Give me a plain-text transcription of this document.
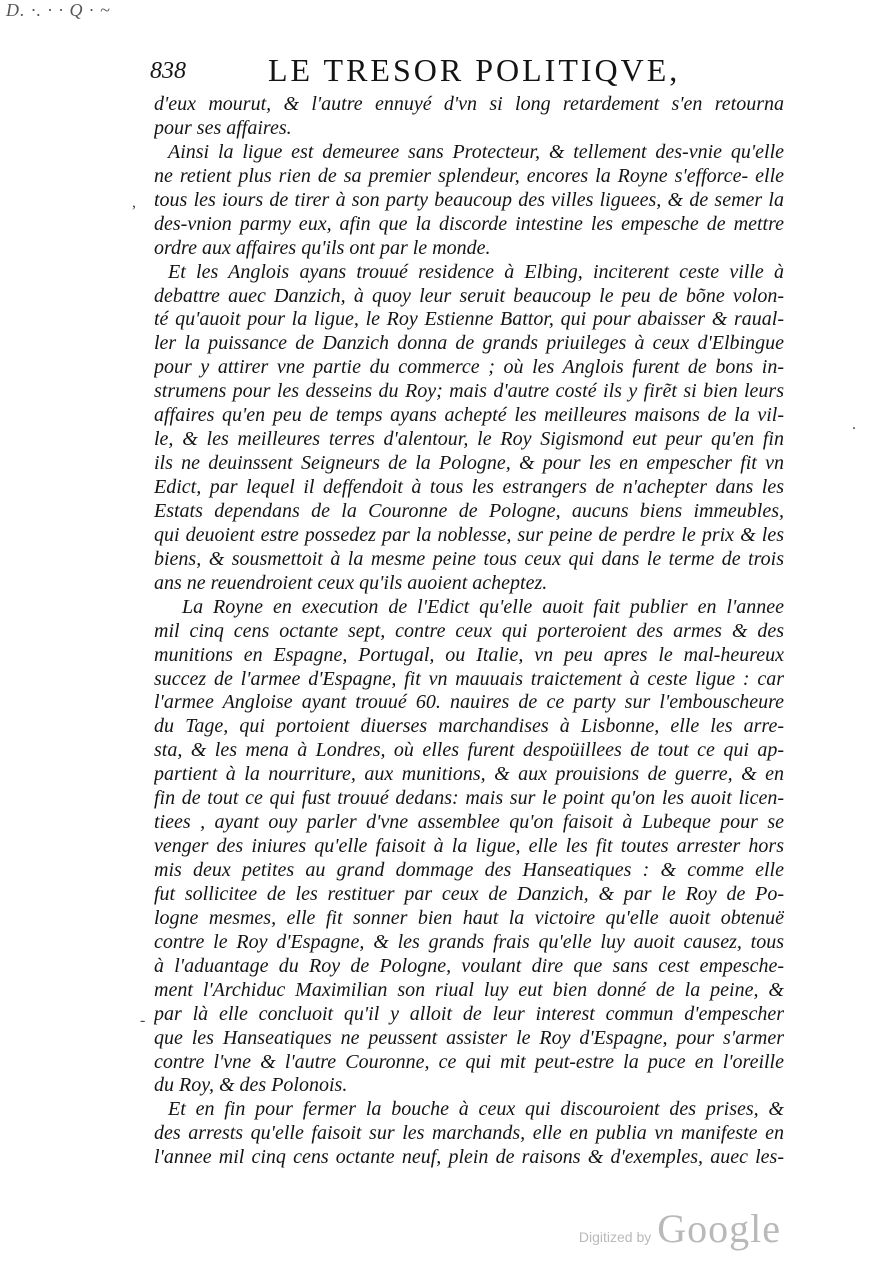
D. ·. · · Q · ~
838	LE TRESOR POLITIQVE,
d'eux mourut, & l'autre ennuyé d'vn si long retardement s'en retourna
pour ses affaires.
Ainsi la ligue est demeuree sans Protecteur, & tellement des-vnie qu'elle
ne retient plus rien de sa premier splendeur, encores la Royne s'efforce- elle
tous les iours de tirer à son party beaucoup des villes liguees, & de semer la
des-vnion parmy eux, afin que la discorde intestine les empesche de mettre
ordre aux affaires qu'ils ont par le monde.
Et les Anglois ayans trouué residence à Elbing, inciterent ceste ville à
debattre auec Danzich, à quoy leur seruit beaucoup le peu de bõne volon-
té qu'auoit pour la ligue, le Roy Estienne Battor, qui pour abaisser & raual-
ler la puissance de Danzich donna de grands priuileges à ceux d'Elbingue
pour y attirer vne partie du commerce ; où les Anglois furent de bons in-
strumens pour les desseins du Roy; mais d'autre costé ils y firẽt si bien leurs
affaires qu'en peu de temps ayans achepté les meilleures maisons de la vil-
le, & les meilleures terres d'alentour, le Roy Sigismond eut peur qu'en fin
ils ne deuinssent Seigneurs de la Pologne, & pour les en empescher fit vn
Edict, par lequel il deffendoit à tous les estrangers de n'achepter dans les
Estats dependans de la Couronne de Pologne, aucuns biens immeubles,
qui deuoient estre possedez par la noblesse, sur peine de perdre le prix & les
biens, & sousmettoit à la mesme peine tous ceux qui dans le terme de trois
ans ne reuendroient ceux qu'ils auoient acheptez.
La Royne en execution de l'Edict qu'elle auoit fait publier en l'annee
mil cinq cens octante sept, contre ceux qui porteroient des armes & des
munitions en Espagne, Portugal, ou Italie, vn peu apres le mal-heureux
succez de l'armee d'Espagne, fit vn mauuais traictement à ceste ligue : car
l'armee Angloise ayant trouué 60. nauires de ce party sur l'embouscheure
du Tage, qui portoient diuerses marchandises à Lisbonne, elle les arre-
sta, & les mena à Londres, où elles furent despoüillees de tout ce qui ap-
partient à la nourriture, aux munitions, & aux prouisions de guerre, & en
fin de tout ce qui fust trouué dedans: mais sur le point qu'on les auoit licen-
tiees , ayant ouy parler d'vne assemblee qu'on faisoit à Lubeque pour se
venger des iniures qu'elle faisoit à la ligue, elle les fit toutes arrester hors
mis deux petites au grand dommage des Hanseatiques : & comme elle
fut sollicitee de les restituer par ceux de Danzich, & par le Roy de Po-
logne mesmes, elle fit sonner bien haut la victoire qu'elle auoit obtenuë
contre le Roy d'Espagne, & les grands frais qu'elle luy auoit causez, tous
à l'aduantage du Roy de Pologne, voulant dire que sans cest empesche-
ment l'Archiduc Maximilian son riual luy eut bien donné de la peine, &
par là elle concluoit qu'il y alloit de leur interest commun d'empescher
que les Hanseatiques ne peussent assister le Roy d'Espagne, pour s'armer
contre l'vne & l'autre Couronne, ce qui mit peut-estre la puce en l'oreille
du Roy, & des Polonois.
Et en fin pour fermer la bouche à ceux qui discouroient des prises, &
des arrests qu'elle faisoit sur les marchands, elle en publia vn manifeste en
l'annee mil cinq cens octante neuf, plein de raisons & d'exemples, auec les-
,
.
-
Digitized by Google
